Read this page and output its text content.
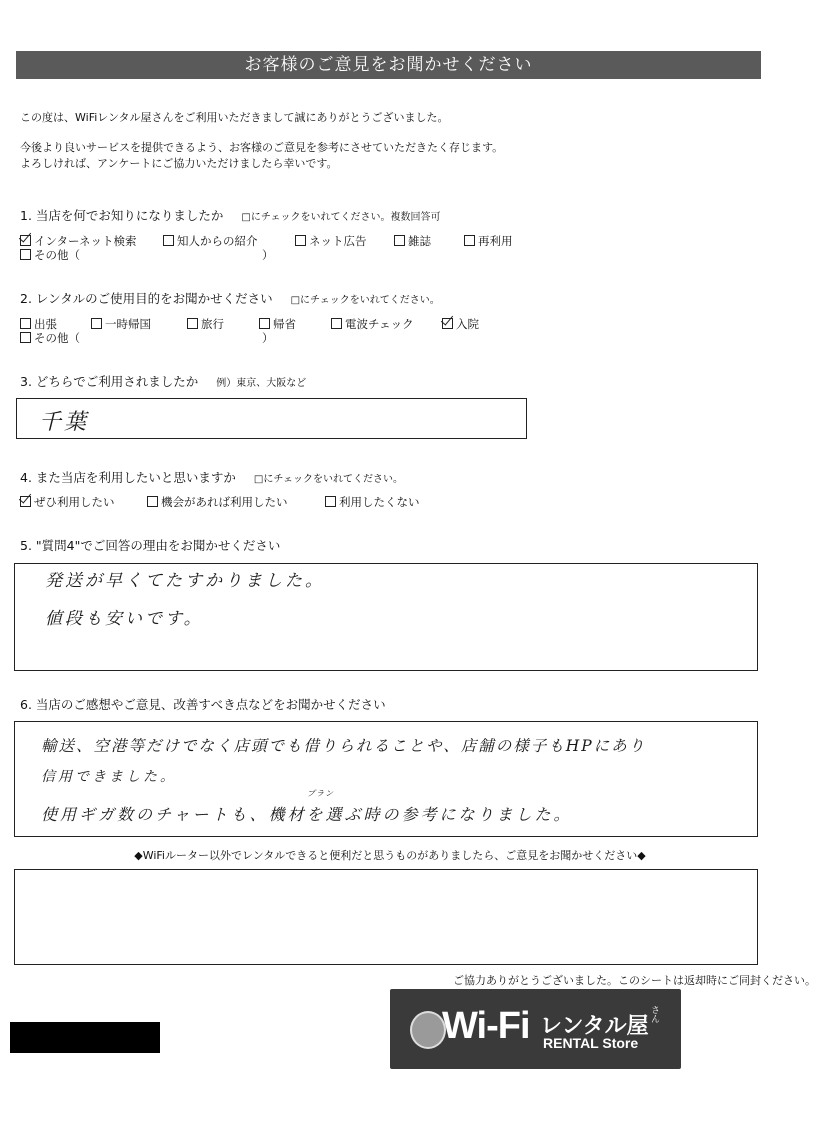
お客様のご意見をお聞かせください
この度は、WiFiレンタル屋さんをご利用いただきまして誠にありがとうございました。
今後より良いサービスを提供できるよう、お客様のご意見を参考にさせていただきたく存じます。
よろしければ、アンケートにご協力いただけましたら幸いです。
1. 当店を何でお知りになりましたか □にチェックをいれてください。複数回答可
インターネット検索	知人からの紹介	ネット広告	雑誌	再利用
その他（	）
2. レンタルのご使用目的をお聞かせください □にチェックをいれてください。
出張	一時帰国	旅行	帰省	電波チェック	入院
その他（	）
3. どちらでご利用されましたか 例）東京、大阪など
千葉
4. また当店を利用したいと思いますか □にチェックをいれてください。
ぜひ利用したい	機会があれば利用したい	利用したくない
5. "質問4"でご回答の理由をお聞かせください
発送が早くてたすかりました。
値段も安いです。
6. 当店のご感想やご意見、改善すべき点などをお聞かせください
輸送、空港等だけでなく店頭でも借りられることや、店舗の様子もHPにあり
信用できました。
プラン
使用ギガ数のチャートも、機材を選ぶ時の参考になりました。
◆WiFiルーター以外でレンタルできると便利だと思うものがありましたら、ご意見をお聞かせください◆
ご協力ありがとうございました。このシートは返却時にご同封ください。
Wi-Fi レンタル屋 さん
RENTAL Store
